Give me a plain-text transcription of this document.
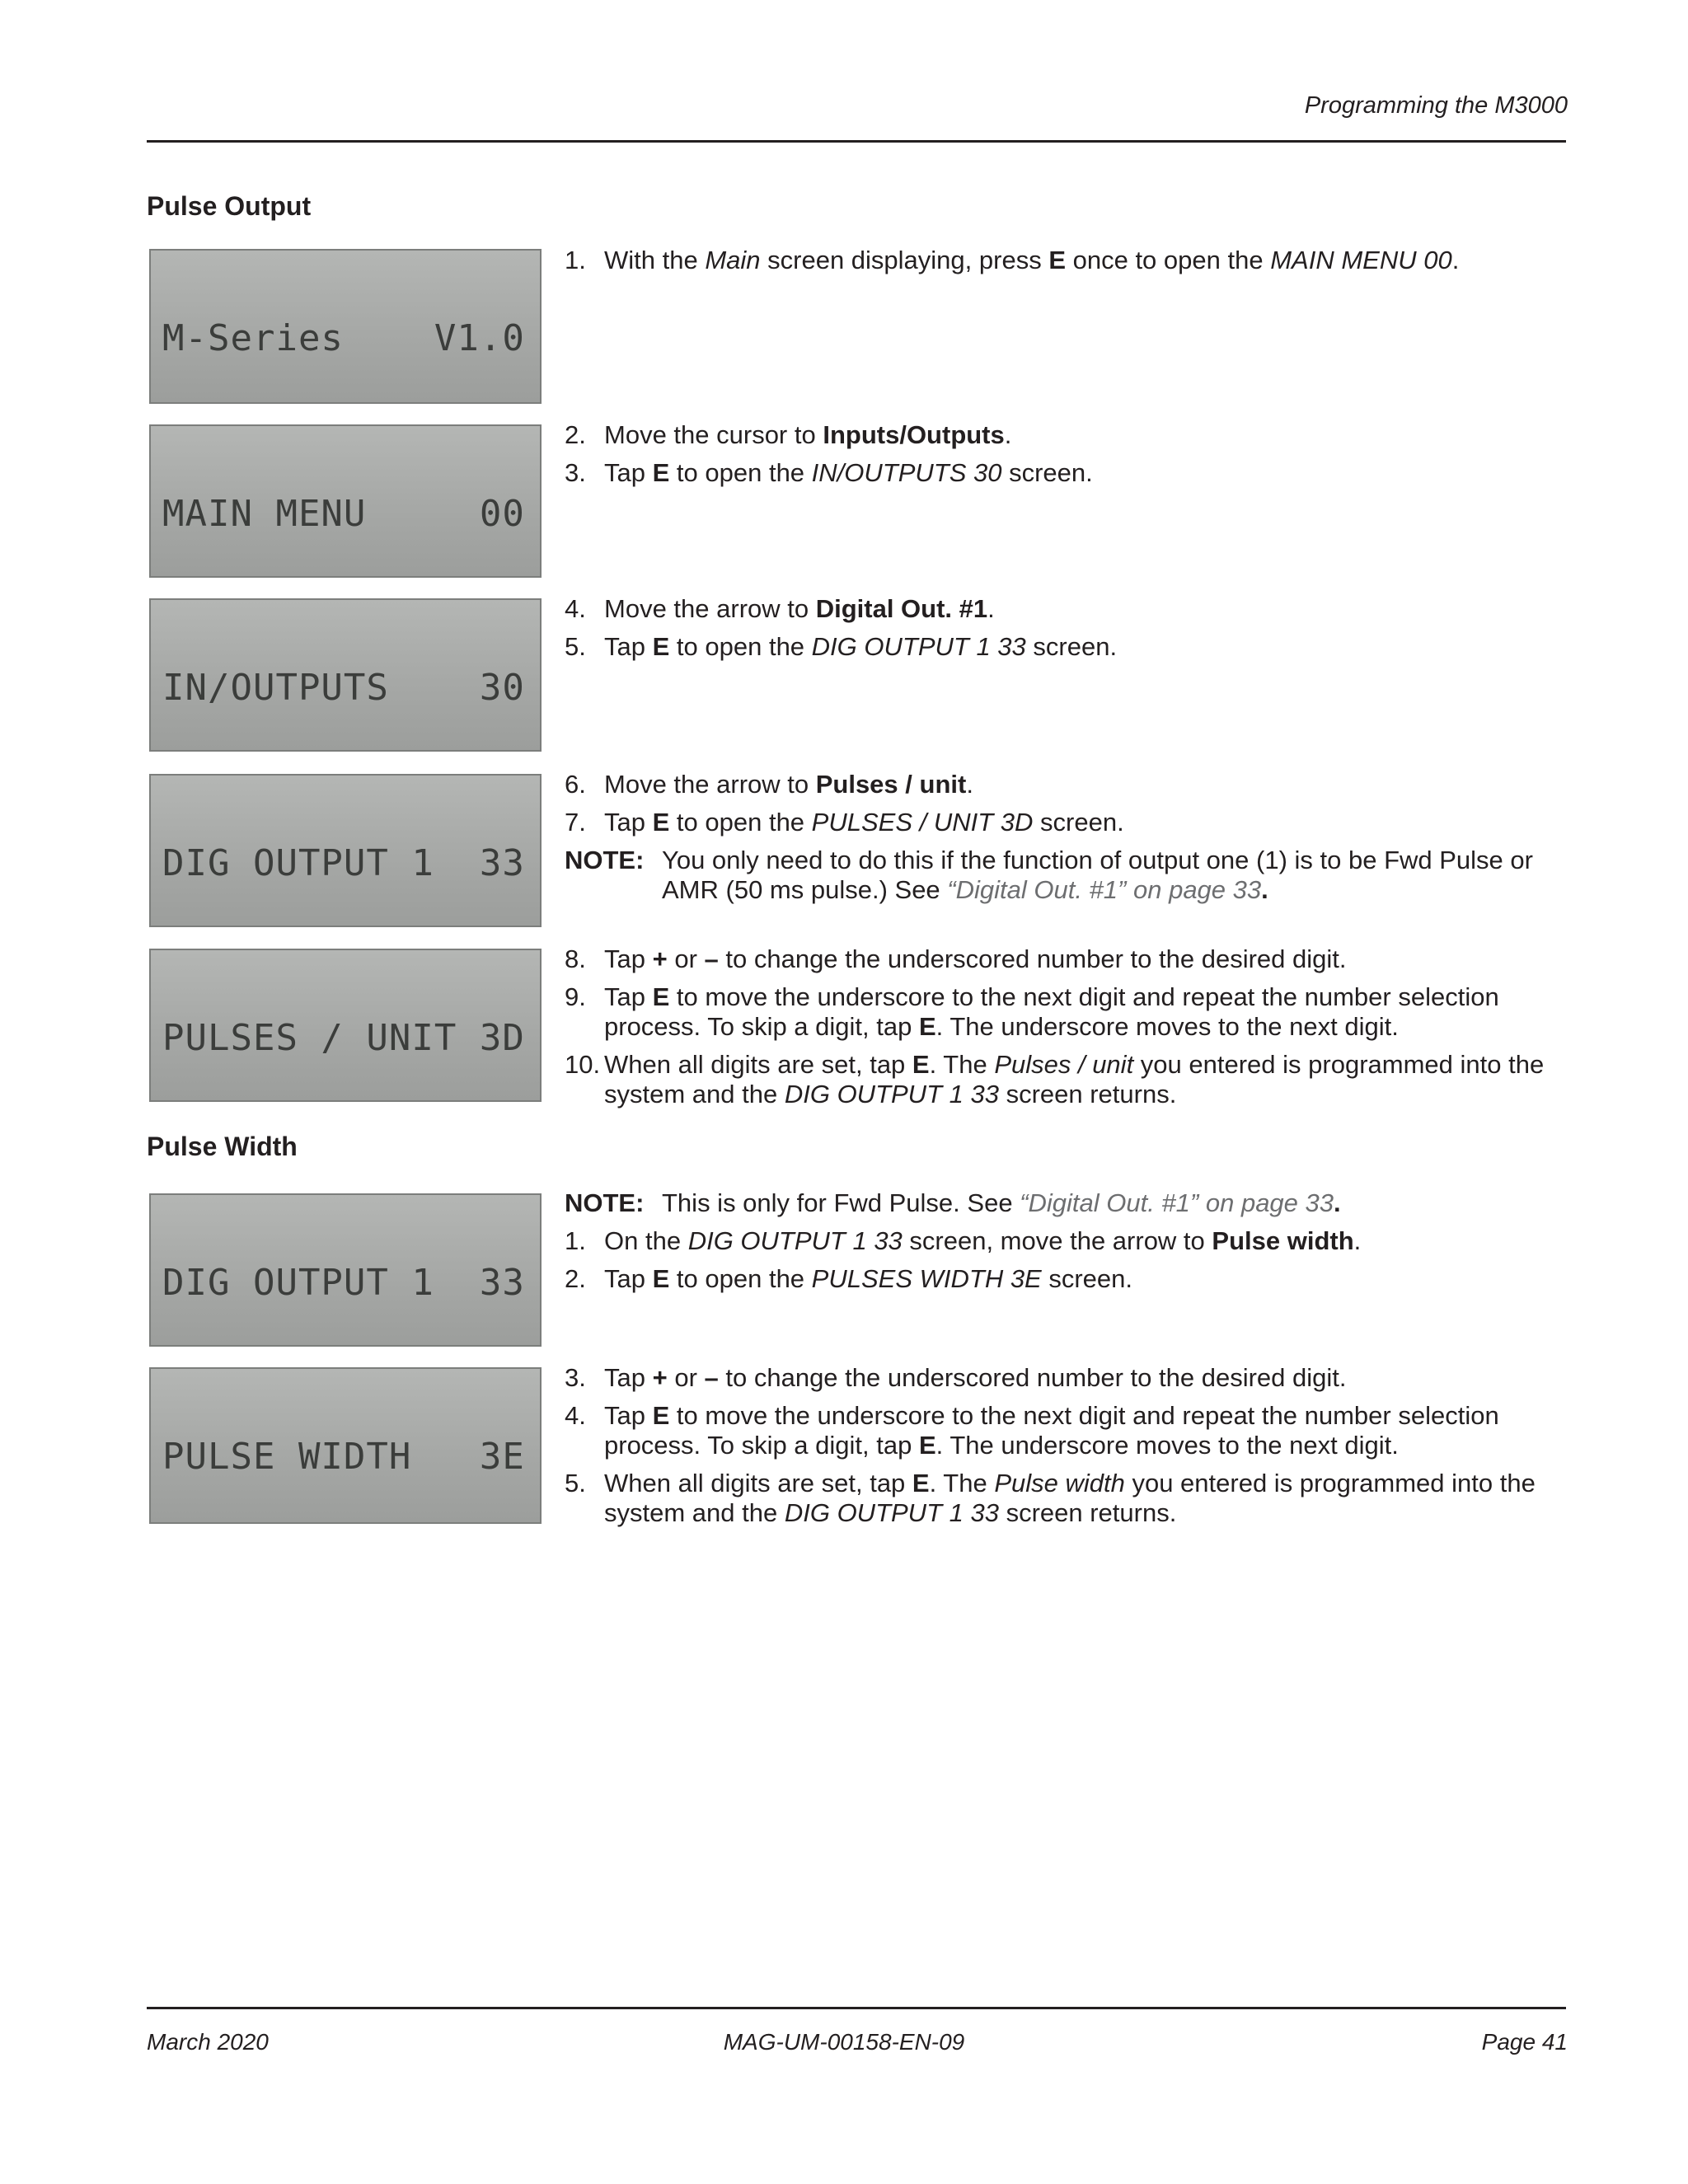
Programming the M3000
Pulse Output

M-Series    V1.0

MAIN MENU     00

IN/OUTPUTS    30

DIG OUTPUT 1  33

PULSES / UNIT 3D

1. With the Main screen displaying, press E once to open the MAIN MENU 00.
2. Move the cursor to Inputs/Outputs.
3. Tap E to open the IN/OUTPUTS 30 screen.
4. Move the arrow to Digital Out. #1.
5. Tap E to open the DIG OUTPUT 1 33 screen.
6. Move the arrow to Pulses / unit.
7. Tap E to open the PULSES / UNIT 3D screen.
NOTE: You only need to do this if the function of output one (1) is to be Fwd Pulse or AMR (50 ms pulse.) See “Digital Out. #1” on page 33.
8. Tap + or – to change the underscored number to the desired digit.
9. Tap E to move the underscore to the next digit and repeat the number selection process. To skip a digit, tap E. The underscore moves to the next digit.
10. When all digits are set, tap E. The Pulses / unit you entered is programmed into the system and the DIG OUTPUT 1 33 screen returns.
Pulse Width

DIG OUTPUT 1  33

PULSE WIDTH   3E

NOTE: This is only for Fwd Pulse. See “Digital Out. #1” on page 33.
1. On the DIG OUTPUT 1 33 screen, move the arrow to Pulse width.
2. Tap E to open the PULSES WIDTH 3E screen.
3. Tap + or – to change the underscored number to the desired digit.
4. Tap E to move the underscore to the next digit and repeat the number selection process. To skip a digit, tap E. The underscore moves to the next digit.
5. When all digits are set, tap E. The Pulse width you entered is programmed into the system and the DIG OUTPUT 1 33 screen returns.
March 2020	MAG-UM-00158-EN-09	Page 41
